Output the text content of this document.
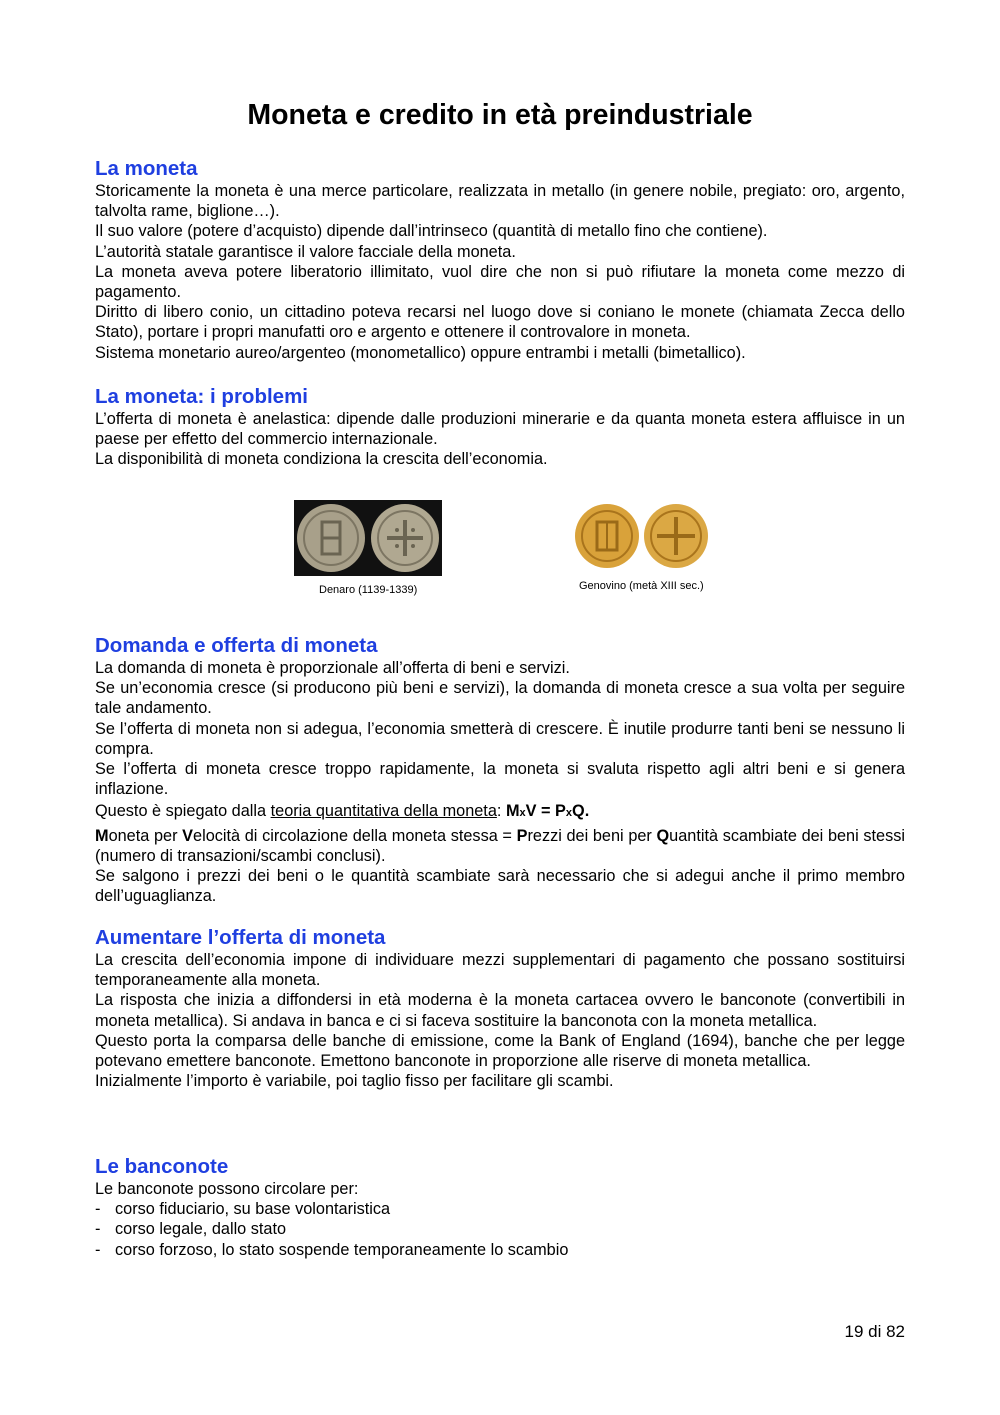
Moneta e credito in età preindustriale
La moneta

Storicamente la moneta è una merce particolare, realizzata in metallo (in genere nobile, pregiato: oro, argento, talvolta rame, biglione…).

Il suo valore (potere d’acquisto) dipende dall’intrinseco (quantità di metallo fino che contiene).

L’autorità statale garantisce il valore facciale della moneta.

La moneta aveva potere liberatorio illimitato, vuol dire che non si può rifiutare la moneta come mezzo di pagamento.

Diritto di libero conio, un cittadino poteva recarsi nel luogo dove si coniano le monete (chiamata Zecca dello Stato), portare i propri manufatti oro e argento e ottenere il controvalore in moneta.

Sistema monetario aureo/argenteo (monometallico) oppure entrambi i metalli (bimetallico).

La moneta: i problemi

L’offerta di moneta è anelastica: dipende dalle produzioni minerarie e da quanta moneta estera affluisce in un paese per effetto del commercio internazionale.

La disponibilità di moneta condiziona la crescita dell’economia.

Denaro (1139-1339)	Genovino (metà XIII sec.)
Domanda e offerta di moneta

La domanda di moneta è proporzionale all’offerta di beni e servizi.

Se un’economia cresce (si producono più beni e servizi), la domanda di moneta cresce a sua volta per seguire tale andamento.

Se l’offerta di moneta non si adegua, l’economia smetterà di crescere. È inutile produrre tanti beni se nessuno li compra.

Se l’offerta di moneta cresce troppo rapidamente, la moneta si svaluta rispetto agli altri beni e si genera inflazione.

Questo è spiegato dalla teoria quantitativa della moneta: MxV = PxQ.

Moneta per Velocità di circolazione della moneta stessa = Prezzi dei beni per Quantità scambiate dei beni stessi (numero di transazioni/scambi conclusi).

Se salgono i prezzi dei beni o le quantità scambiate sarà necessario che si adegui anche il primo membro dell’uguaglianza.

Aumentare l’offerta di moneta

La crescita dell’economia impone di individuare mezzi supplementari di pagamento che possano sostituirsi temporaneamente alla moneta.

La risposta che inizia a diffondersi in età moderna è la moneta cartacea ovvero le banconote (convertibili in moneta metallica). Si andava in banca e ci si faceva sostituire la banconota con la moneta metallica.

Questo porta la comparsa delle banche di emissione, come la Bank of England (1694), banche che per legge potevano emettere banconote. Emettono banconote in proporzione alle riserve di moneta metallica.

Inizialmente l’importo è variabile, poi taglio fisso per facilitare gli scambi.

Le banconote

Le banconote possono circolare per:

- corso fiduciario, su base volontaristica
- corso legale, dallo stato
- corso forzoso, lo stato sospende temporaneamente lo scambio
19 di 82
